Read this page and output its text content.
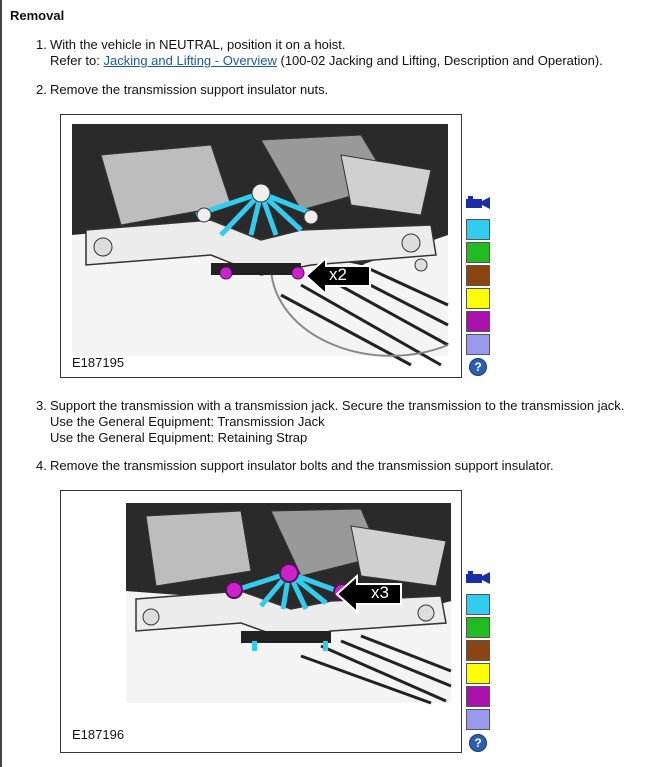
Removal
1. With the vehicle in NEUTRAL, position it on a hoist.
Refer to: Jacking and Lifting - Overview (100-02 Jacking and Lifting, Description and Operation).
2. Remove the transmission support insulator nuts.
x2
E187195	?
3. Support the transmission with a transmission jack. Secure the transmission to the transmission jack.
Use the General Equipment: Transmission Jack
Use the General Equipment: Retaining Strap
4. Remove the transmission support insulator bolts and the transmission support insulator.
x3
E187196
?
